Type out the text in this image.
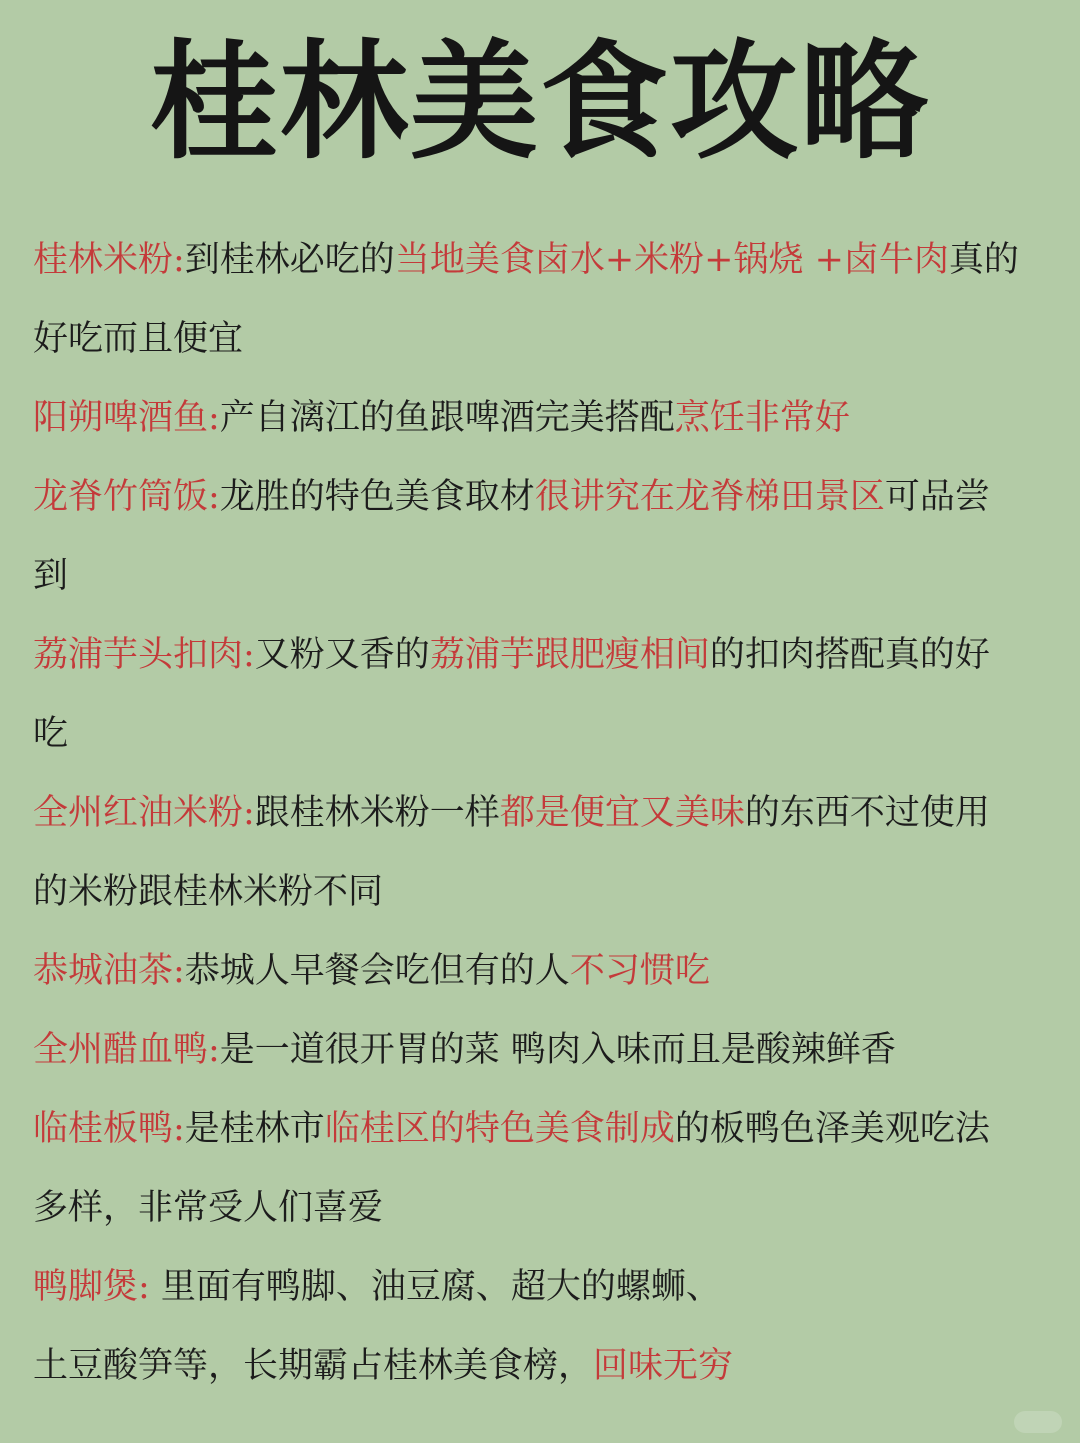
桂林美食攻略
桂林米粉:到桂林必吃的当地美食卤水+米粉+锅烧 +卤牛肉真的
好吃而且便宜
阳朔啤酒鱼:产自漓江的鱼跟啤酒完美搭配烹饪非常好
龙脊竹筒饭:龙胜的特色美食取材很讲究在龙脊梯田景区可品尝
到
荔浦芋头扣肉:又粉又香的荔浦芋跟肥瘦相间的扣肉搭配真的好
吃
全州红油米粉:跟桂林米粉一样都是便宜又美味的东西不过使用
的米粉跟桂林米粉不同
恭城油茶:恭城人早餐会吃但有的人不习惯吃
全州醋血鸭:是一道很开胃的菜 鸭肉入味而且是酸辣鲜香
临桂板鸭:是桂林市临桂区的特色美食制成的板鸭色泽美观吃法
多样，非常受人们喜爱
鸭脚煲: 里面有鸭脚、油豆腐、超大的螺蛳、
土豆酸笋等，长期霸占桂林美食榜，回味无穷
